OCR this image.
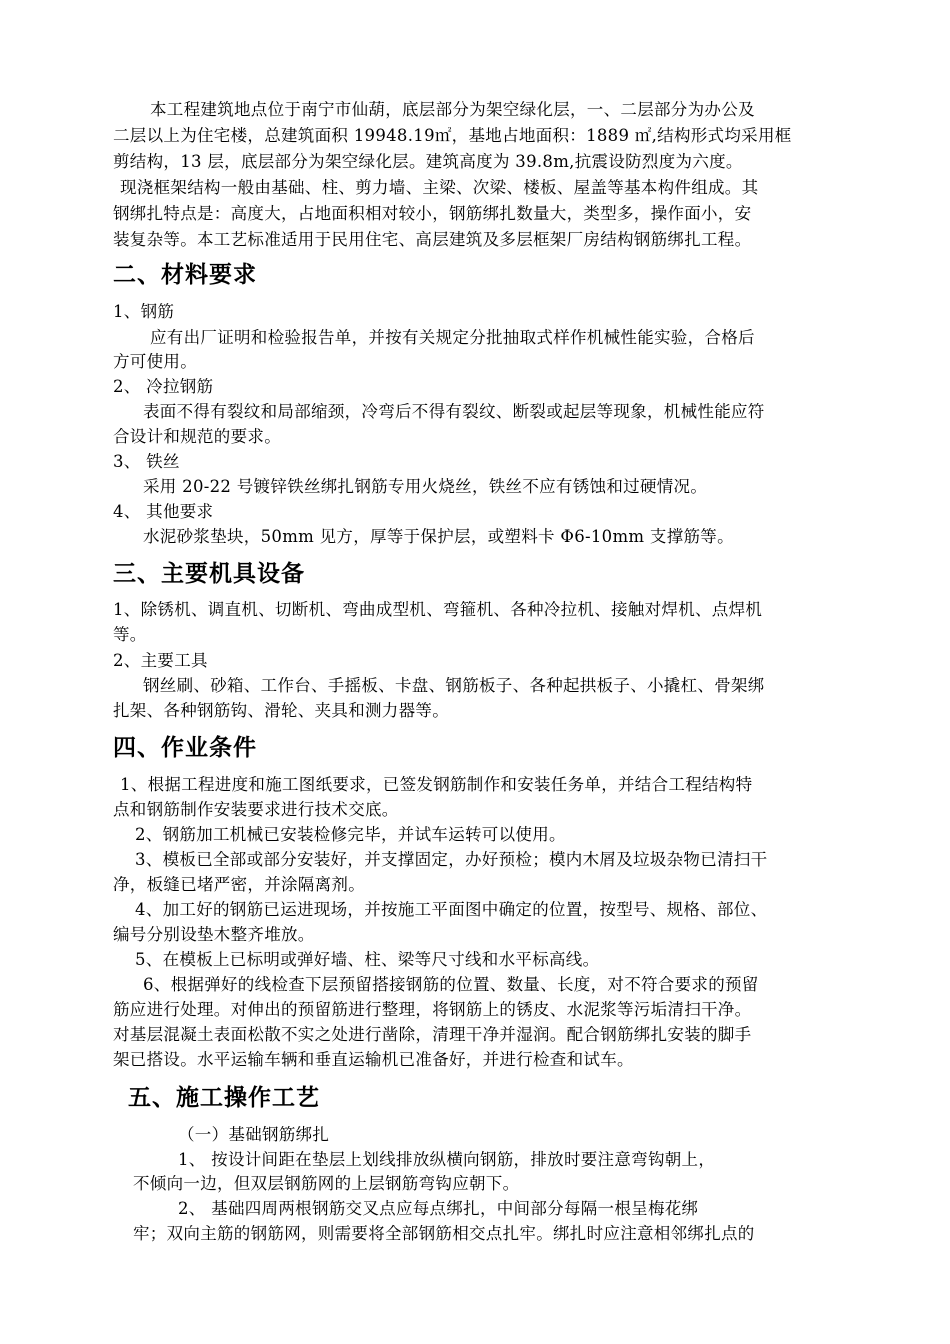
本工程建筑地点位于南宁市仙葫，底层部分为架空绿化层，一、二层部分为办公及
二层以上为住宅楼，总建筑面积 19948.19㎡，基地占地面积：1889 ㎡,结构形式均采用框
剪结构，13 层，底层部分为架空绿化层。建筑高度为 39.8m,抗震设防烈度为六度。
现浇框架结构一般由基础、柱、剪力墙、主梁、次梁、楼板、屋盖等基本构件组成。其
钢绑扎特点是：高度大，占地面积相对较小，钢筋绑扎数量大，类型多，操作面小，安
装复杂等。本工艺标准适用于民用住宅、高层建筑及多层框架厂房结构钢筋绑扎工程。
二、材料要求
1、钢筋
应有出厂证明和检验报告单，并按有关规定分批抽取式样作机械性能实验，合格后
方可使用。
2、 冷拉钢筋
表面不得有裂纹和局部缩颈，冷弯后不得有裂纹、断裂或起层等现象，机械性能应符
合设计和规范的要求。
3、 铁丝
采用 20-22 号镀锌铁丝绑扎钢筋专用火烧丝，铁丝不应有锈蚀和过硬情况。
4、 其他要求
水泥砂浆垫块，50mm 见方，厚等于保护层，或塑料卡 Φ6-10mm 支撑筋等。
三、主要机具设备
1、除锈机、调直机、切断机、弯曲成型机、弯箍机、各种冷拉机、接触对焊机、点焊机
等。
2、主要工具
钢丝刷、砂箱、工作台、手摇板、卡盘、钢筋板子、各种起拱板子、小撬杠、骨架绑
扎架、各种钢筋钩、滑轮、夹具和测力器等。
四、作业条件
1、根据工程进度和施工图纸要求，已签发钢筋制作和安装任务单，并结合工程结构特
点和钢筋制作安装要求进行技术交底。
2、钢筋加工机械已安装检修完毕，并试车运转可以使用。
3、模板已全部或部分安装好，并支撑固定，办好预检；模内木屑及垃圾杂物已清扫干
净，板缝已堵严密，并涂隔离剂。
4、加工好的钢筋已运进现场，并按施工平面图中确定的位置，按型号、规格、部位、
编号分别设垫木整齐堆放。
5、在模板上已标明或弹好墙、柱、梁等尺寸线和水平标高线。
6、根据弹好的线检查下层预留搭接钢筋的位置、数量、长度，对不符合要求的预留
筋应进行处理。对伸出的预留筋进行整理，将钢筋上的锈皮、水泥浆等污垢清扫干净。
对基层混凝土表面松散不实之处进行凿除，清理干净并湿润。配合钢筋绑扎安装的脚手
架已搭设。水平运输车辆和垂直运输机已准备好，并进行检查和试车。
五、施工操作工艺
（一）基础钢筋绑扎
1、 按设计间距在垫层上划线排放纵横向钢筋，排放时要注意弯钩朝上，
不倾向一边，但双层钢筋网的上层钢筋弯钩应朝下。
2、 基础四周两根钢筋交叉点应每点绑扎，中间部分每隔一根呈梅花绑
牢；双向主筋的钢筋网，则需要将全部钢筋相交点扎牢。绑扎时应注意相邻绑扎点的
